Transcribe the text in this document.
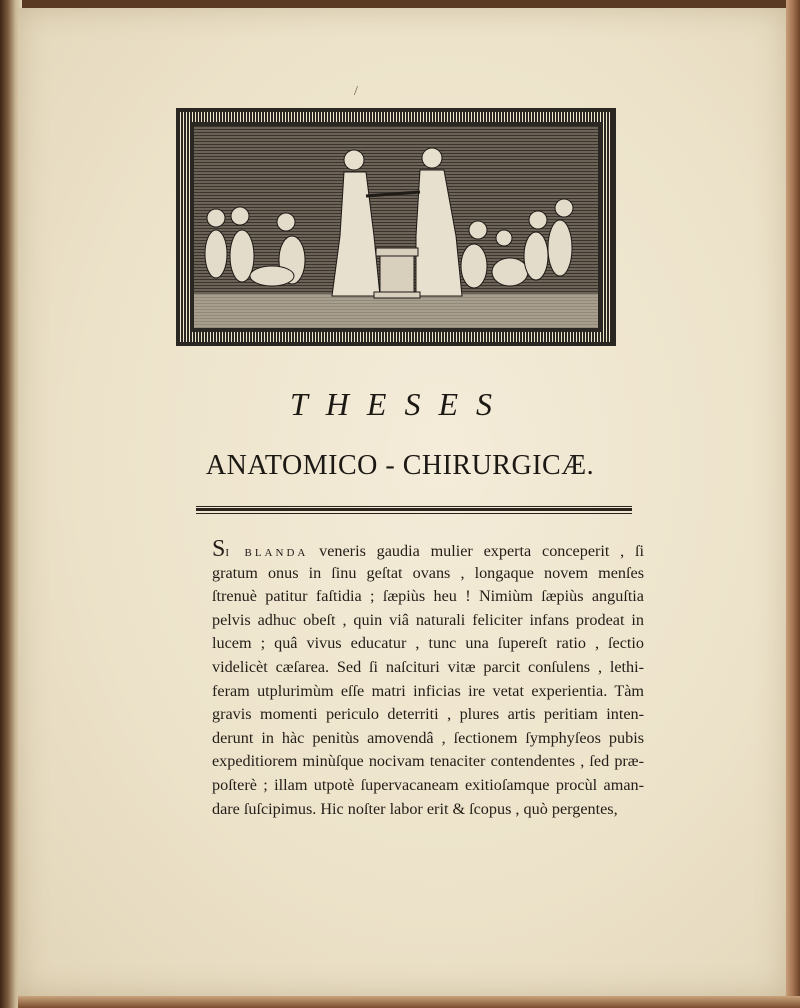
/
THESES
ANATOMICO - CHIRURGICÆ.
SI BLANDA veneris gaudia mulier experta conceperit , ſi
gratum onus in ſinu geſtat ovans , longaque novem menſes
ſtrenuè patitur faſtidia ; ſæpiùs heu ! Nimiùm ſæpiùs anguſtia
pelvis adhuc obeſt , quin viâ naturali feliciter infans prodeat in
lucem ; quâ vivus educatur , tunc una ſupereſt ratio , ſectio
videlicèt cæſarea. Sed ſi naſcituri vitæ parcit conſulens , lethi-
feram utplurimùm eſſe matri inficias ire vetat experientia. Tàm
gravis momenti periculo deterriti , plures artis peritiam inten-
derunt in hàc penitùs amovendâ , ſectionem ſymphyſeos pubis
expeditiorem minùſque nocivam tenaciter contendentes , ſed præ-
poſterè ; illam utpotè ſupervacaneam exitioſamque procùl aman-
dare ſuſcipimus. Hic noſter labor erit & ſcopus , quò pergentes,
